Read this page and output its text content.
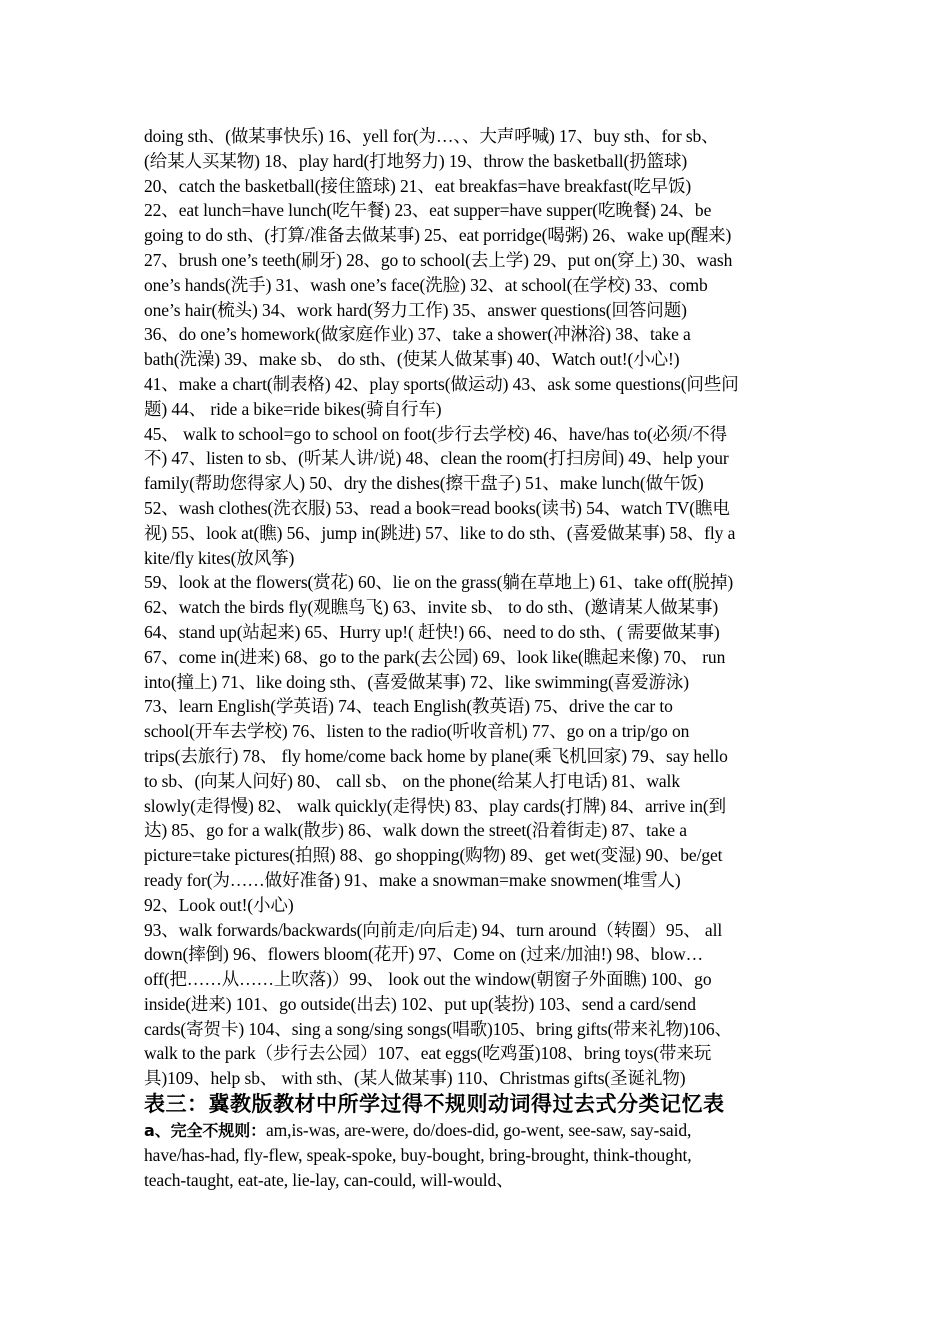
doing sth、(做某事快乐) 16、yell for(为…、、大声呼喊) 17、buy sth、for sb、
(给某人买某物) 18、play hard(打地努力) 19、throw the basketball(扔篮球)
20、catch the basketball(接住篮球) 21、eat breakfas=have breakfast(吃早饭)
22、eat lunch=have lunch(吃午餐) 23、eat supper=have supper(吃晚餐) 24、be
going to do sth、(打算/准备去做某事) 25、eat porridge(喝粥) 26、wake up(醒来)
27、brush one’s teeth(刷牙) 28、go to school(去上学) 29、put on(穿上) 30、wash
one’s hands(洗手) 31、wash one’s face(洗脸) 32、at school(在学校) 33、comb
one’s hair(梳头) 34、work hard(努力工作) 35、answer questions(回答问题)
36、do one’s homework(做家庭作业) 37、take a shower(冲淋浴) 38、take a
bath(洗澡) 39、make sb、 do sth、(使某人做某事) 40、Watch out!(小心!)
41、make a chart(制表格) 42、play sports(做运动) 43、ask some questions(问些问
题) 44、 ride a bike=ride bikes(骑自行车)
45、 walk to school=go to school on foot(步行去学校) 46、have/has to(必须/不得
不) 47、listen to sb、(听某人讲/说) 48、clean the room(打扫房间) 49、help your
family(帮助您得家人) 50、dry the dishes(擦干盘子) 51、make lunch(做午饭)
52、wash clothes(洗衣服) 53、read a book=read books(读书) 54、watch TV(瞧电
视) 55、look at(瞧) 56、jump in(跳进) 57、like to do sth、(喜爱做某事) 58、fly a
kite/fly kites(放风筝)
59、look at the flowers(赏花) 60、lie on the grass(躺在草地上) 61、take off(脱掉)
62、watch the birds fly(观瞧鸟飞) 63、invite sb、 to do sth、(邀请某人做某事)
64、stand up(站起来) 65、Hurry up!( 赶快!) 66、need to do sth、( 需要做某事)
67、come in(进来) 68、go to the park(去公园) 69、look like(瞧起来像) 70、 run
into(撞上) 71、like doing sth、(喜爱做某事) 72、like swimming(喜爱游泳)
73、learn English(学英语) 74、teach English(教英语) 75、drive the car to
school(开车去学校) 76、listen to the radio(听收音机) 77、go on a trip/go on
trips(去旅行) 78、 fly home/come back home by plane(乘飞机回家) 79、say hello
to sb、(向某人问好) 80、 call sb、 on the phone(给某人打电话) 81、walk
slowly(走得慢) 82、 walk quickly(走得快) 83、play cards(打牌) 84、arrive in(到
达) 85、go for a walk(散步) 86、walk down the street(沿着街走) 87、take a
picture=take pictures(拍照) 88、go shopping(购物) 89、get wet(变湿) 90、be/get
ready for(为……做好准备) 91、make a snowman=make snowmen(堆雪人)
92、Look out!(小心)
93、walk forwards/backwards(向前走/向后走) 94、turn around（转圈）95、 all
down(摔倒) 96、flowers bloom(花开) 97、Come on (过来/加油!) 98、blow…
off(把……从……上吹落)）99、 look out the window(朝窗子外面瞧) 100、go
inside(进来) 101、go outside(出去) 102、put up(装扮) 103、send a card/send
cards(寄贺卡) 104、sing a song/sing songs(唱歌)105、bring gifts(带来礼物)106、
walk to the park（步行去公园）107、eat eggs(吃鸡蛋)108、bring toys(带来玩
具)109、help sb、 with sth、(某人做某事) 110、Christmas gifts(圣诞礼物)
表三：冀教版教材中所学过得不规则动词得过去式分类记忆表
a、完全不规则：am,is-was, are-were, do/does-did, go-went, see-saw, say-said,
have/has-had, fly-flew, speak-spoke, buy-bought, bring-brought, think-thought,
teach-taught, eat-ate, lie-lay, can-could, will-would、
